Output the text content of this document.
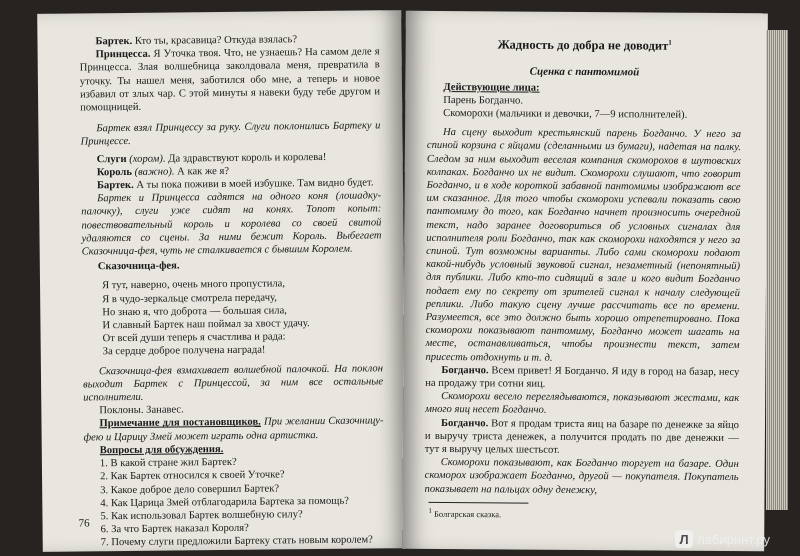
Бартек. Кто ты, красавица? Откуда взялась?

Принцесса. Я Уточка твоя. Что, не узнаешь? На самом деле я Принцесса. Злая волшебница заколдовала меня, превратила в уточку. Ты нашел меня, заботился обо мне, а теперь и новое избавил от злых чар. С этой минуты я навеки буду тебе другом и помощницей.

Бартек взял Принцессу за руку. Слуги поклонились Бартеку и Принцессе.

Слуги (хором). Да здравствуют король и королева!

Король (важно). А как же я?

Бартек. А ты пока поживи в моей избушке. Там видно будет.

Бартек и Принцесса садятся на одного коня (лошадку-палочку), слуги уже сидят на конях. Топот копыт: повествовательный король и королева со своей свитой удаляются со сцены. За ними бежит Король. Выбегает Сказочница-фея, чуть не сталкивается с бывшим Королем.

Сказочница-фея.

Я тут, наверно, очень много пропустила,
Я в чудо-зеркальце смотрела передачу,
Но знаю я, что доброта — большая сила,
И славный Бартек наш поймал за хвост удачу.
От всей души теперь я счастлива и рада:
За сердце доброе получена награда!

Сказочница-фея взмахивает волшебной палочкой. На поклон выходит Бартек с Принцессой, за ним все остальные исполнители.

Поклоны. Занавес.

Примечание для постановщиков. При желании Сказочницу-фею и Царицу Змей может играть одна артистка.

Вопросы для обсуждения.

1. В какой стране жил Бартек?
2. Как Бартек относился к своей Уточке?
3. Какое доброе дело совершил Бартек?
4. Как Царица Змей отблагодарила Бартека за помощь?
5. Как использовал Бартек волшебную силу?
6. За что Бартек наказал Короля?
7. Почему слуги предложили Бартеку стать новым королем?
76
Жадность до добра не доводит$^1$
Сценка с пантомимой

Действующие лица:

Парень Богданчо.

Скоморохи (мальчики и девочки, 7—9 исполнителей).

На сцену выходит крестьянский парень Богданчо. У него за спиной корзина с яйцами (сделанными из бумаги), надетая на палку. Следом за ним выходит веселая компания скоморохов в шутовских колпаках. Богданчо их не видит. Скоморохи слушают, что говорит Богданчо, и в ходе короткой забавной пантомимы изображают все им сказанное. Для того чтобы скоморохи успевали показать свою пантомиму до того, как Богданчо начнет произносить очередной текст, надо заранее договориться об условных сигналах для исполнителя роли Богданчо, так как скоморохи находятся у него за спиной. Тут возможны варианты. Либо сами скоморохи подают какой-нибудь условный звуковой сигнал, незаметный (непонятный) для публики. Либо кто-то сидящий в зале и кого видит Богданчо подает ему по секрету от зрителей сигнал к началу следующей реплики. Либо такую сцену лучше рассчитать все по времени. Разумеется, все это должно быть хорошо отрепетировано. Пока скоморохи показывают пантомиму, Богданчо может шагать на месте, останавливаться, чтобы произнести текст, затем присесть отдохнуть и т. д.

Богданчо. Всем привет! Я Богданчо. Я иду в город на базар, несу на продажу три сотни яиц.

Скоморохи весело переглядываются, показывают жестами, как много яиц несет Богданчо.

Богданчо. Вот я продам триста яиц на базаре по денежке за яйцо и выручу триста денежек, а получится продать по две денежки — тут я выручу целых шестьсот.

Скоморохи показывают, как Богданчо торгует на базаре. Один скоморох изображает Богданчо, другой — покупателя. Покупатель показывает на пальцах одну денежку,

$^1$ Болгарская сказка.
Л лабиринт.ру
